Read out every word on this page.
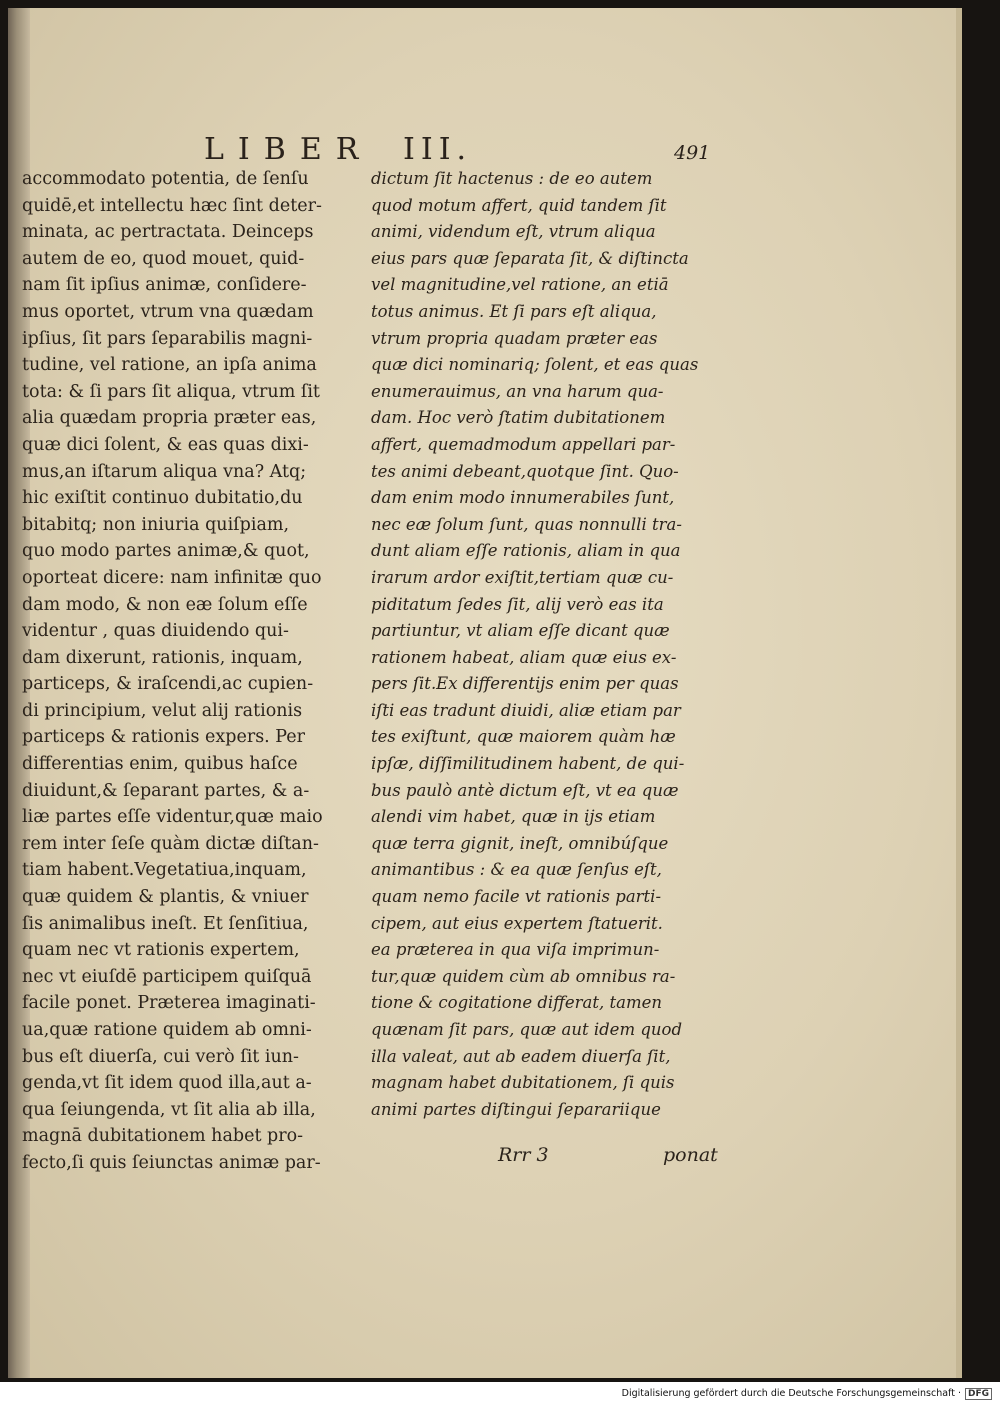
LIBER III.	491
accommodato potentia, de ſenſu
quidē,et intellectu hæc ſint deter-
minata, ac pertractata. Deinceps
autem de eo, quod mouet, quid-
nam ſit ipſius animæ, conſidere-
mus oportet, vtrum vna quædam
ipſius, ſit pars ſeparabilis magni-
tudine, vel ratione, an ipſa anima
tota: & ſi pars ſit aliqua, vtrum ſit
alia quædam propria præter eas,
quæ dici ſolent, & eas quas dixi-
mus,an iſtarum aliqua vna? Atq;
hic exiſtit continuo dubitatio,du
bitabitq; non iniuria quiſpiam,
quo modo partes animæ,& quot,
oporteat dicere: nam infinitæ quo
dam modo, & non eæ ſolum eſſe
videntur , quas diuidendo qui-
dam dixerunt, rationis, inquam,
particeps, & iraſcendi,ac cupien-
di principium, velut alij rationis
particeps & rationis expers. Per
differentias enim, quibus haſce
diuidunt,& ſeparant partes, & a-
liæ partes eſſe videntur,quæ maio
rem inter ſeſe quàm dictæ diſtan-
tiam habent.Vegetatiua,inquam,
quæ quidem & plantis, & vniuer
ſis animalibus ineſt. Et ſenſitiua,
quam nec vt rationis expertem,
nec vt eiuſdē participem quiſquā
facile ponet. Præterea imaginati-
ua,quæ ratione quidem ab omni-
bus eſt diuerſa, cui verò ſit iun-
genda,vt ſit idem quod illa,aut a-
qua ſeiungenda, vt ſit alia ab illa,
magnā dubitationem habet pro-
fecto,ſi quis ſeiunctas animæ par-
dictum ſit hactenus : de eo autem
quod motum affert, quid tandem ſit
animi, videndum eſt, vtrum aliqua
eius pars quæ ſeparata ſit, & diſtincta
vel magnitudine,vel ratione, an etiā
totus animus. Et ſi pars eſt aliqua,
vtrum propria quadam præter eas
quæ dici nominariq; ſolent, et eas quas
enumerauimus, an vna harum qua-
dam. Hoc verò ſtatim dubitationem
affert, quemadmodum appellari par-
tes animi debeant,quotque ſint. Quo-
dam enim modo innumerabiles ſunt,
nec eæ ſolum ſunt, quas nonnulli tra-
dunt aliam eſſe rationis, aliam in qua
irarum ardor exiſtit,tertiam quæ cu-
piditatum ſedes ſit, alij verò eas ita
partiuntur, vt aliam eſſe dicant quæ
rationem habeat, aliam quæ eius ex-
pers ſit.Ex differentijs enim per quas
iſti eas tradunt diuidi, aliæ etiam par
tes exiſtunt, quæ maiorem quàm hæ
ipſæ, diſſimilitudinem habent, de qui-
bus paulò antè dictum eſt, vt ea quæ
alendi vim habet, quæ in ijs etiam
quæ terra gignit, ineſt, omnibúſque
animantibus : & ea quæ ſenſus eſt,
quam nemo facile vt rationis parti-
cipem, aut eius expertem ſtatuerit.
ea præterea in qua viſa imprimun-
tur,quæ quidem cùm ab omnibus ra-
tione & cogitatione differat, tamen
quænam ſit pars, quæ aut idem quod
illa valeat, aut ab eadem diuerſa ſit,
magnam habet dubitationem, ſi quis
animi partes diſtingui ſeparariique
Rrr 3	ponat
Digitalisierung gefördert durch die Deutsche Forschungsgemeinschaft · DFG
